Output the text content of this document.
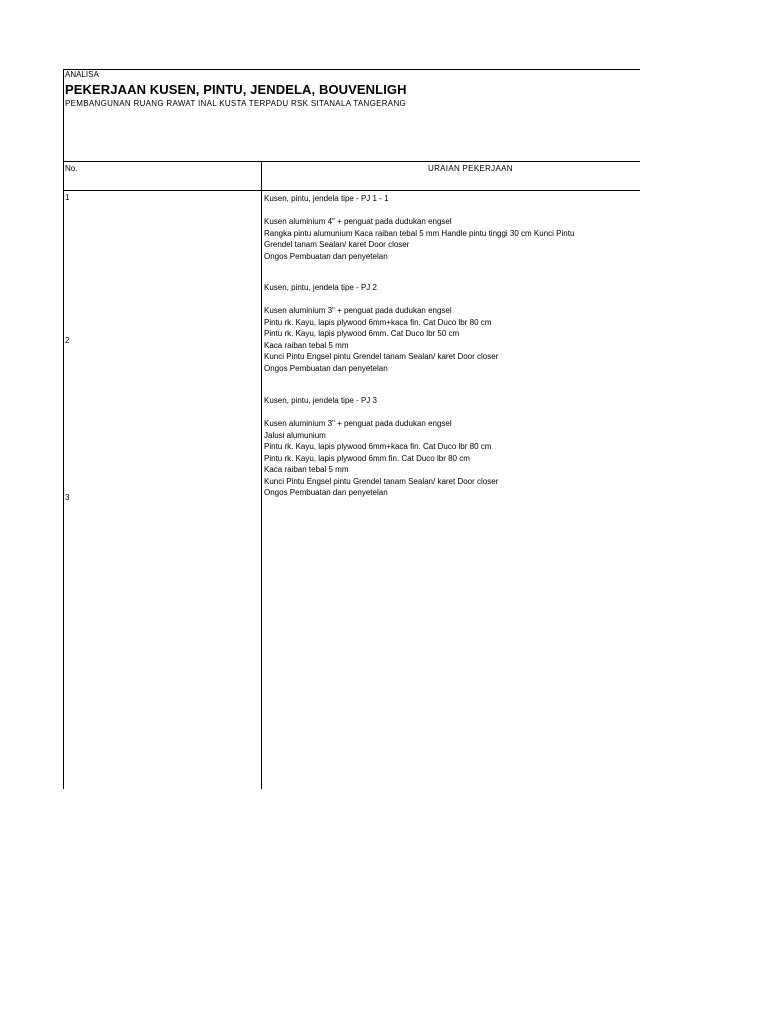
ANALISA
PEKERJAAN KUSEN, PINTU, JENDELA, BOUVENLIGH
PEMBANGUNAN RUANG RAWAT INAL KUSTA TERPADU RSK SITANALA TANGERANG
No.	URAIAN PEKERJAAN
1	Kusen, pintu, jendela tipe - PJ 1 - 1
Kusen aluminium 4" + penguat pada dudukan engsel
Rangka pintu alumunium Kaca raiban tebal 5 mm Handle pintu tinggi 30 cm Kunci Pintu
Grendel tanam Sealan/ karet Door closer
Ongos Pembuatan dan penyetelan
2
Kusen, pintu, jendela tipe - PJ 2
Kusen aluminium 3" + penguat pada dudukan engsel
Pintu rk. Kayu, lapis plywood 6mm+kaca fin. Cat Duco lbr 80 cm
Pintu rk. Kayu, lapis plywood 6mm. Cat Duco lbr 50 cm
Kaca raiban tebal 5 mm
Kunci Pintu Engsel pintu Grendel tanam Sealan/ karet Door closer
Ongos Pembuatan dan penyetelan
3
Kusen, pintu, jendela tipe - PJ 3
Kusen aluminium 3" + penguat pada dudukan engsel
Jalusi alumunium
Pintu rk. Kayu, lapis plywood 6mm+kaca fin. Cat Duco lbr 80 cm
Pintu rk. Kayu, lapis plywood 6mm fin. Cat Duco lbr 80 cm
Kaca raiban tebal 5 mm
Kunci Pintu Engsel pintu Grendel tanam Sealan/ karet Door closer
Ongos Pembuatan dan penyetelan
